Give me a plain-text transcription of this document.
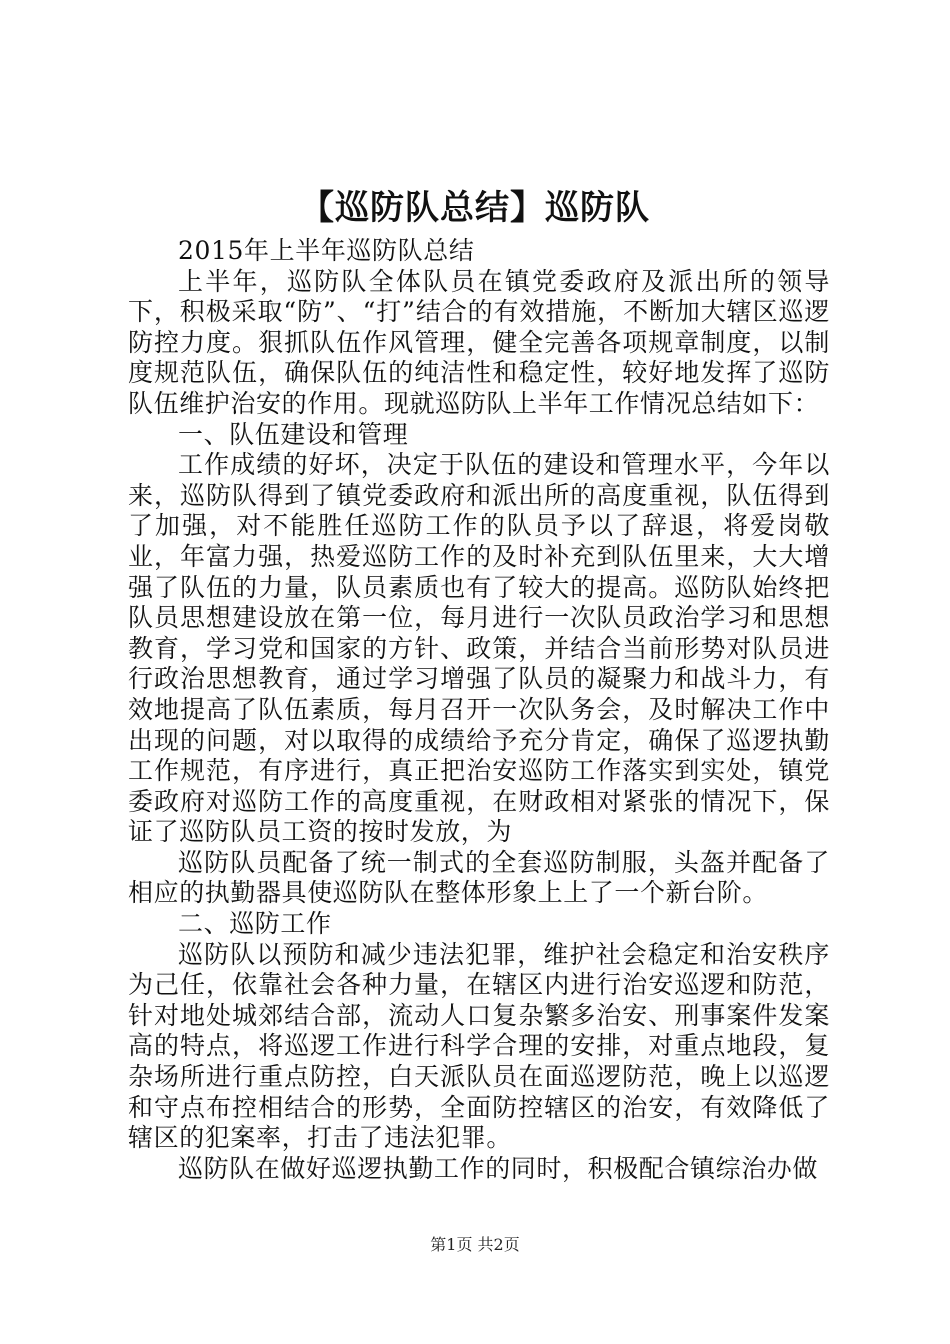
【巡防队总结】巡防队

2015年上半年巡防队总结

上半年，巡防队全体队员在镇党委政府及派出所的领导下，积极采取“防”、“打”结合的有效措施，不断加大辖区巡逻防控力度。狠抓队伍作风管理，健全完善各项规章制度，以制度规范队伍，确保队伍的纯洁性和稳定性，较好地发挥了巡防队伍维护治安的作用。现就巡防队上半年工作情况总结如下：

一、队伍建设和管理

工作成绩的好坏，决定于队伍的建设和管理水平，今年以来，巡防队得到了镇党委政府和派出所的高度重视，队伍得到了加强，对不能胜任巡防工作的队员予以了辞退，将爱岗敬业，年富力强，热爱巡防工作的及时补充到队伍里来，大大增强了队伍的力量，队员素质也有了较大的提高。巡防队始终把队员思想建设放在第一位，每月进行一次队员政治学习和思想教育，学习党和国家的方针、政策，并结合当前形势对队员进行政治思想教育，通过学习增强了队员的凝聚力和战斗力，有效地提高了队伍素质，每月召开一次队务会，及时解决工作中出现的问题，对以取得的成绩给予充分肯定，确保了巡逻执勤工作规范，有序进行，真正把治安巡防工作落实到实处，镇党委政府对巡防工作的高度重视，在财政相对紧张的情况下，保证了巡防队员工资的按时发放，为

巡防队员配备了统一制式的全套巡防制服，头盔并配备了相应的执勤器具使巡防队在整体形象上上了一个新台阶。

二、巡防工作

巡防队以预防和减少违法犯罪，维护社会稳定和治安秩序为己任，依靠社会各种力量，在辖区内进行治安巡逻和防范，针对地处城郊结合部，流动人口复杂繁多治安、刑事案件发案高的特点，将巡逻工作进行科学合理的安排，对重点地段，复杂场所进行重点防控，白天派队员在面巡逻防范，晚上以巡逻和守点布控相结合的形势，全面防控辖区的治安，有效降低了辖区的犯案率，打击了违法犯罪。

巡防队在做好巡逻执勤工作的同时，积极配合镇综治办做

第1页 共2页
